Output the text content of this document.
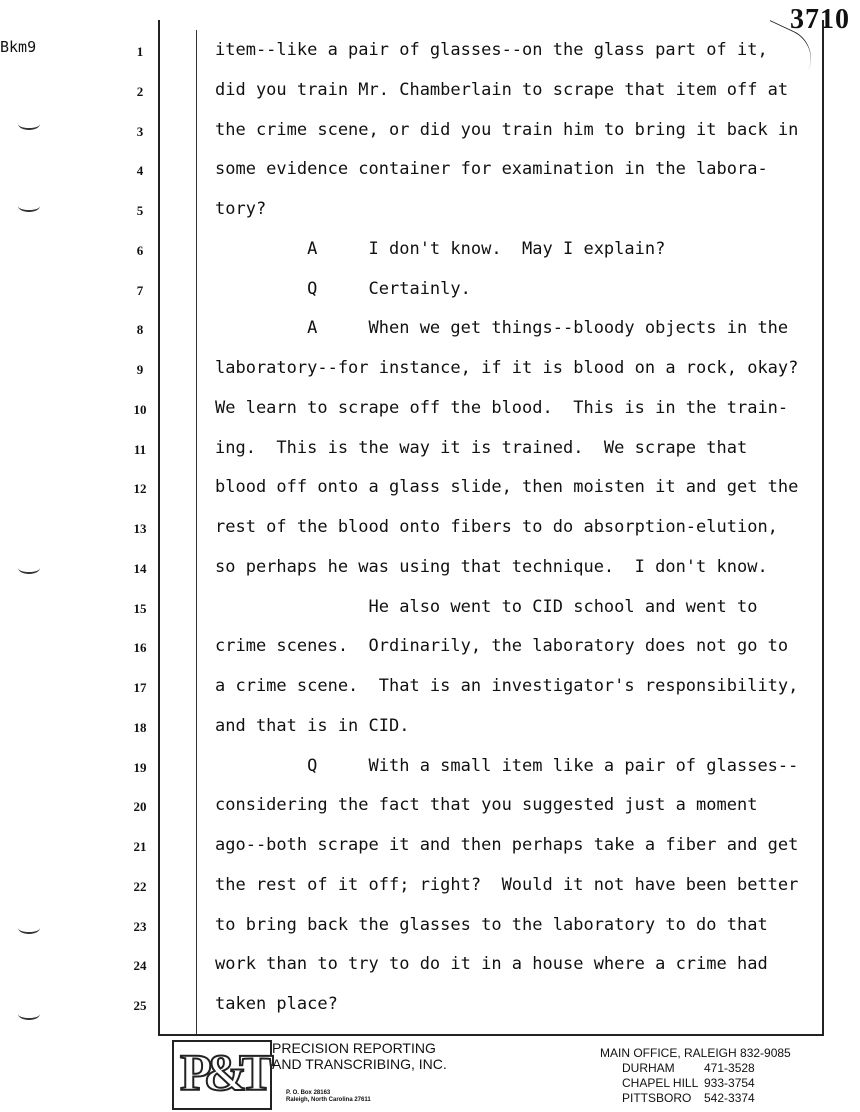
Bkm9
3710
1	item--like a pair of glasses--on the glass part of it,
2	did you train Mr. Chamberlain to scrape that item off at
3	the crime scene, or did you train him to bring it back in
4	some evidence container for examination in the labora-
5	tory?
6	A     I don't know.  May I explain?
7	Q     Certainly.
8	A     When we get things--bloody objects in the
9	laboratory--for instance, if it is blood on a rock, okay?
10	We learn to scrape off the blood.  This is in the train-
11	ing.  This is the way it is trained.  We scrape that
12	blood off onto a glass slide, then moisten it and get the
13	rest of the blood onto fibers to do absorption-elution,
14	so perhaps he was using that technique.  I don't know.
15	He also went to CID school and went to
16	crime scenes.  Ordinarily, the laboratory does not go to
17	a crime scene.  That is an investigator's responsibility,
18	and that is in CID.
19	Q     With a small item like a pair of glasses--
20	considering the fact that you suggested just a moment
21	ago--both scrape it and then perhaps take a fiber and get
22	the rest of it off; right?  Would it not have been better
23	to bring back the glasses to the laboratory to do that
24	work than to try to do it in a house where a crime had
25	taken place?
P&T PRECISION REPORTING
AND TRANSCRIBING, INC.
P. O. Box 28163
Raleigh, North Carolina 27611
MAIN OFFICE, RALEIGH 832-9085
DURHAM	471-3528
CHAPEL HILL 933-3754
PITTSBORO	542-3374
